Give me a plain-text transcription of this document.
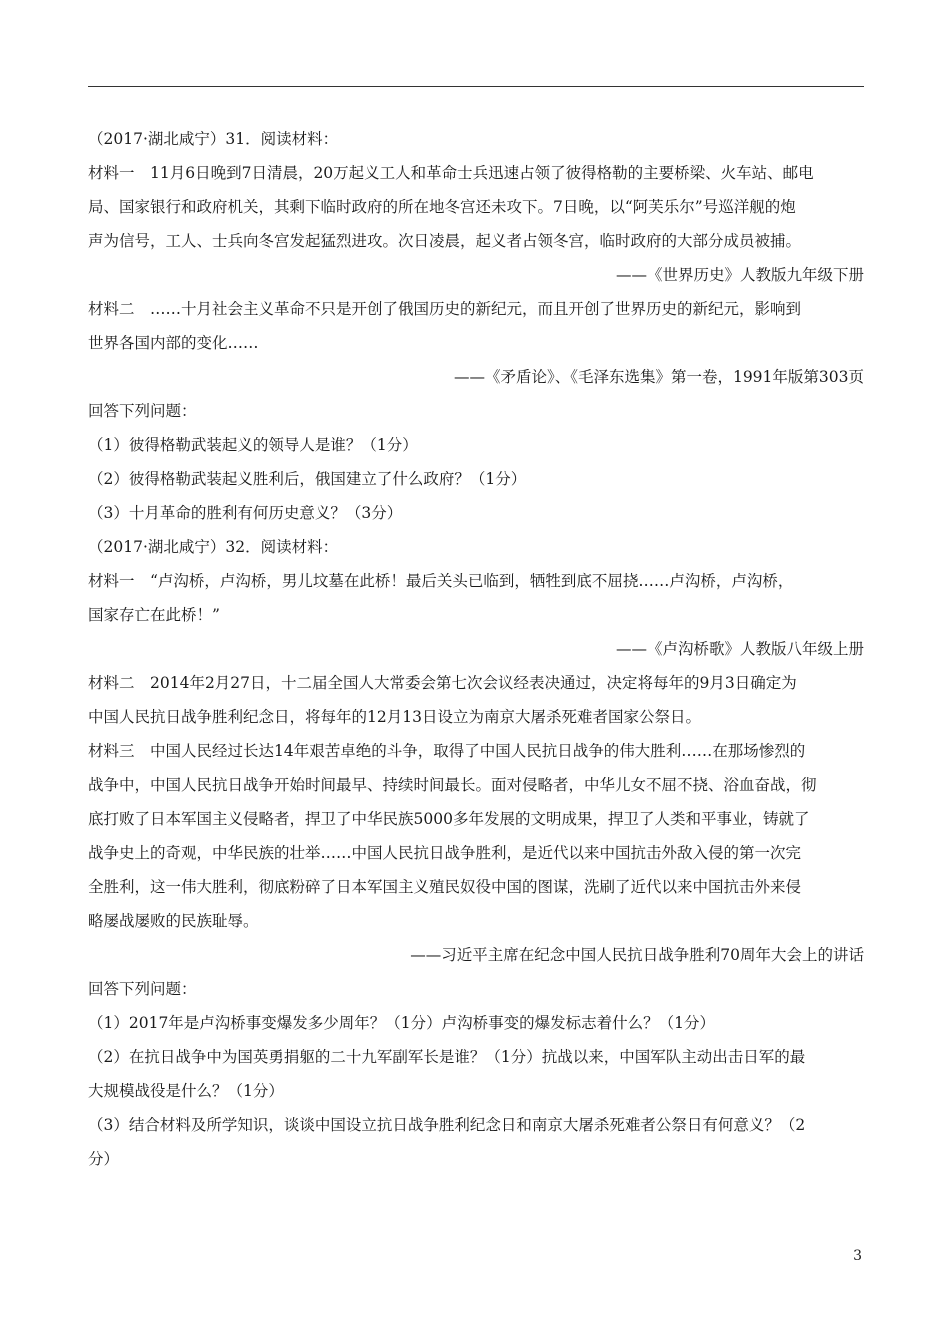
（2017·湖北咸宁）31．阅读材料：
材料一　11月6日晚到7日清晨，20万起义工人和革命士兵迅速占领了彼得格勒的主要桥梁、火车站、邮电
局、国家银行和政府机关，其剩下临时政府的所在地冬宫还未攻下。7日晚，以“阿芙乐尔”号巡洋舰的炮
声为信号，工人、士兵向冬宫发起猛烈进攻。次日凌晨，起义者占领冬宫，临时政府的大部分成员被捕。
——《世界历史》人教版九年级下册
材料二　……十月社会主义革命不只是开创了俄国历史的新纪元，而且开创了世界历史的新纪元，影响到
世界各国内部的变化……
——《矛盾论》、《毛泽东选集》第一卷，1991年版第303页
回答下列问题：
（1）彼得格勒武装起义的领导人是谁？（1分）
（2）彼得格勒武装起义胜利后，俄国建立了什么政府？（1分）
（3）十月革命的胜利有何历史意义？（3分）
（2017·湖北咸宁）32．阅读材料：
材料一　“卢沟桥，卢沟桥，男儿坟墓在此桥！最后关头已临到，牺牲到底不屈挠……卢沟桥，卢沟桥，
国家存亡在此桥！”
——《卢沟桥歌》人教版八年级上册
材料二　2014年2月27日，十二届全国人大常委会第七次会议经表决通过，决定将每年的9月3日确定为
中国人民抗日战争胜利纪念日，将每年的12月13日设立为南京大屠杀死难者国家公祭日。
材料三　中国人民经过长达14年艰苦卓绝的斗争，取得了中国人民抗日战争的伟大胜利……在那场惨烈的
战争中，中国人民抗日战争开始时间最早、持续时间最长。面对侵略者，中华儿女不屈不挠、浴血奋战，彻
底打败了日本军国主义侵略者，捍卫了中华民族5000多年发展的文明成果，捍卫了人类和平事业，铸就了
战争史上的奇观，中华民族的壮举……中国人民抗日战争胜利，是近代以来中国抗击外敌入侵的第一次完
全胜利，这一伟大胜利，彻底粉碎了日本军国主义殖民奴役中国的图谋，洗刷了近代以来中国抗击外来侵
略屡战屡败的民族耻辱。
——习近平主席在纪念中国人民抗日战争胜利70周年大会上的讲话
回答下列问题：
（1）2017年是卢沟桥事变爆发多少周年？（1分）卢沟桥事变的爆发标志着什么？（1分）
（2）在抗日战争中为国英勇捐躯的二十九军副军长是谁？（1分）抗战以来，中国军队主动出击日军的最
大规模战役是什么？（1分）
（3）结合材料及所学知识，谈谈中国设立抗日战争胜利纪念日和南京大屠杀死难者公祭日有何意义？（2
分）
3
